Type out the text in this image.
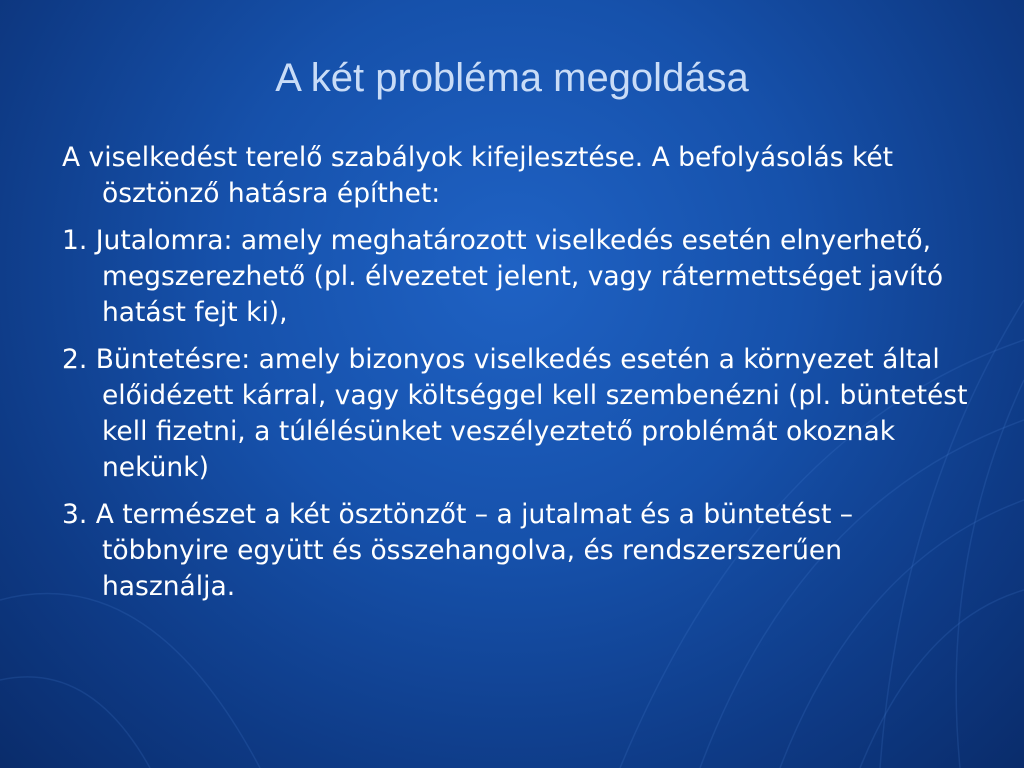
A két probléma megoldása

A viselkedést terelő szabályok kifejlesztése. A befolyásolás két ösztönző hatásra építhet:

1. Jutalomra: amely meghatározott viselkedés esetén elnyerhető, megszerezhető (pl. élvezetet jelent, vagy rátermettséget javító hatást fejt ki),

2. Büntetésre: amely bizonyos viselkedés esetén a környezet által előidézett kárral, vagy költséggel kell szembenézni (pl. büntetést kell fizetni, a túlélésünket veszélyeztető problémát okoznak nekünk)

3. A természet a két ösztönzőt – a jutalmat és a büntetést – többnyire együtt és összehangolva, és rendszerszerűen használja.
